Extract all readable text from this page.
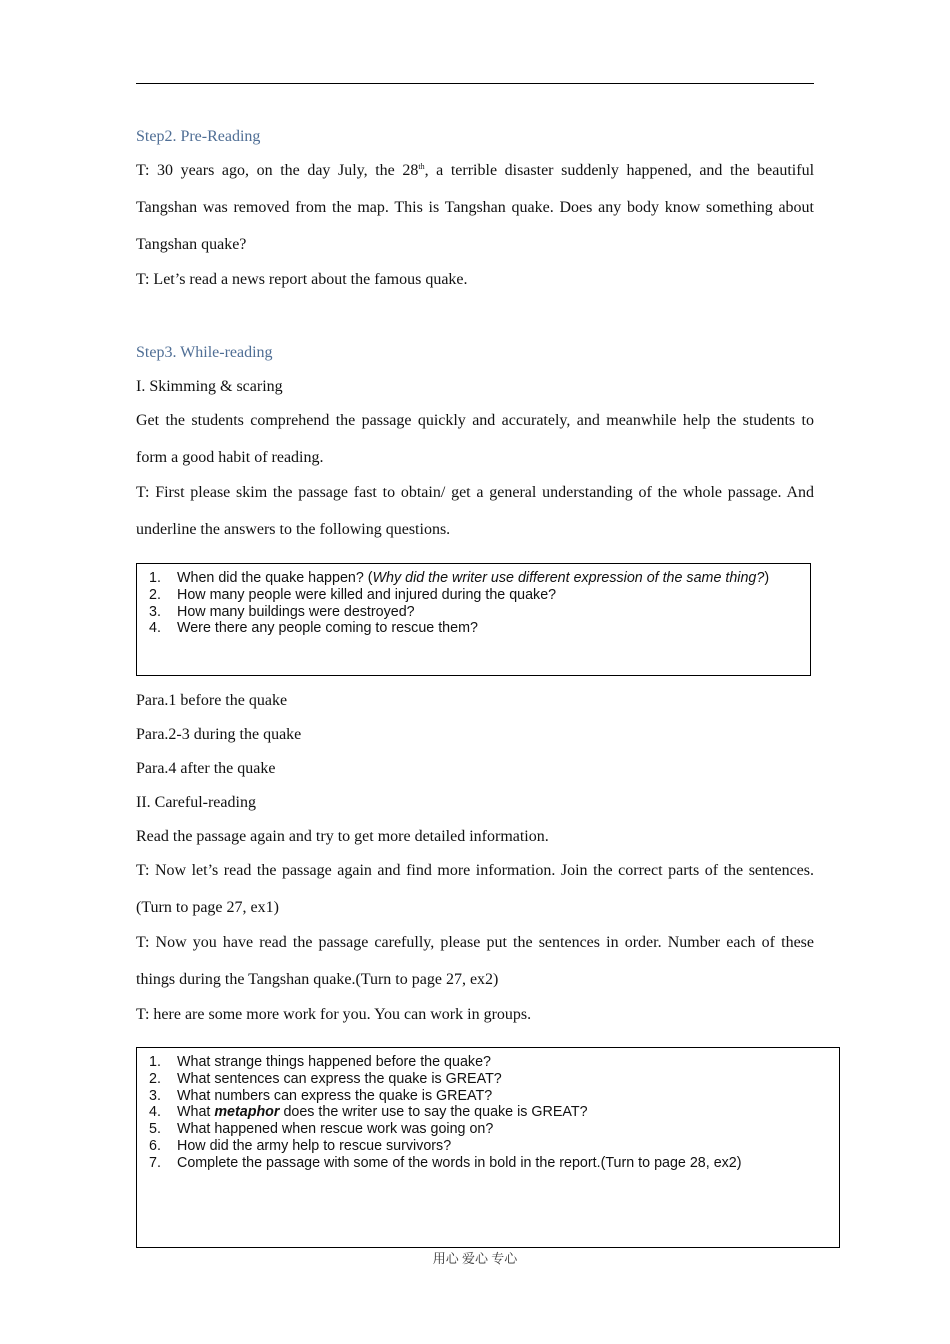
Step2. Pre-Reading
T: 30 years ago, on the day July, the 28th, a terrible disaster suddenly happened, and the beautiful Tangshan was removed from the map. This is Tangshan quake. Does any body know something about Tangshan quake?
T: Let’s read a news report about the famous quake.
Step3. While-reading
I. Skimming & scaring
Get the students comprehend the passage quickly and accurately, and meanwhile help the students to form a good habit of reading.
T: First please skim the passage fast to obtain/ get a general understanding of the whole passage. And underline the answers to the following questions.
1.	When did the quake happen? (Why did the writer use different expression of the same thing?)
2.	How many people were killed and injured during the quake?
3.	How many buildings were destroyed?
4.	Were there any people coming to rescue them?
Para.1 before the quake
Para.2-3 during the quake
Para.4 after the quake
II. Careful-reading
Read the passage again and try to get more detailed information.
T: Now let’s read the passage again and find more information. Join the correct parts of the sentences. (Turn to page 27, ex1)
T: Now you have read the passage carefully, please put the sentences in order. Number each of these things during the Tangshan quake.(Turn to page 27, ex2)
T: here are some more work for you. You can work in groups.
1.	What strange things happened before the quake?
2.	What sentences can express the quake is GREAT?
3.	What numbers can express the quake is GREAT?
4.	What metaphor does the writer use to say the quake is GREAT?
5.	What happened when rescue work was going on?
6.	How did the army help to rescue survivors?
7.	Complete the passage with some of the words in bold in the report.(Turn to page 28, ex2)
用心 爱心 专心
